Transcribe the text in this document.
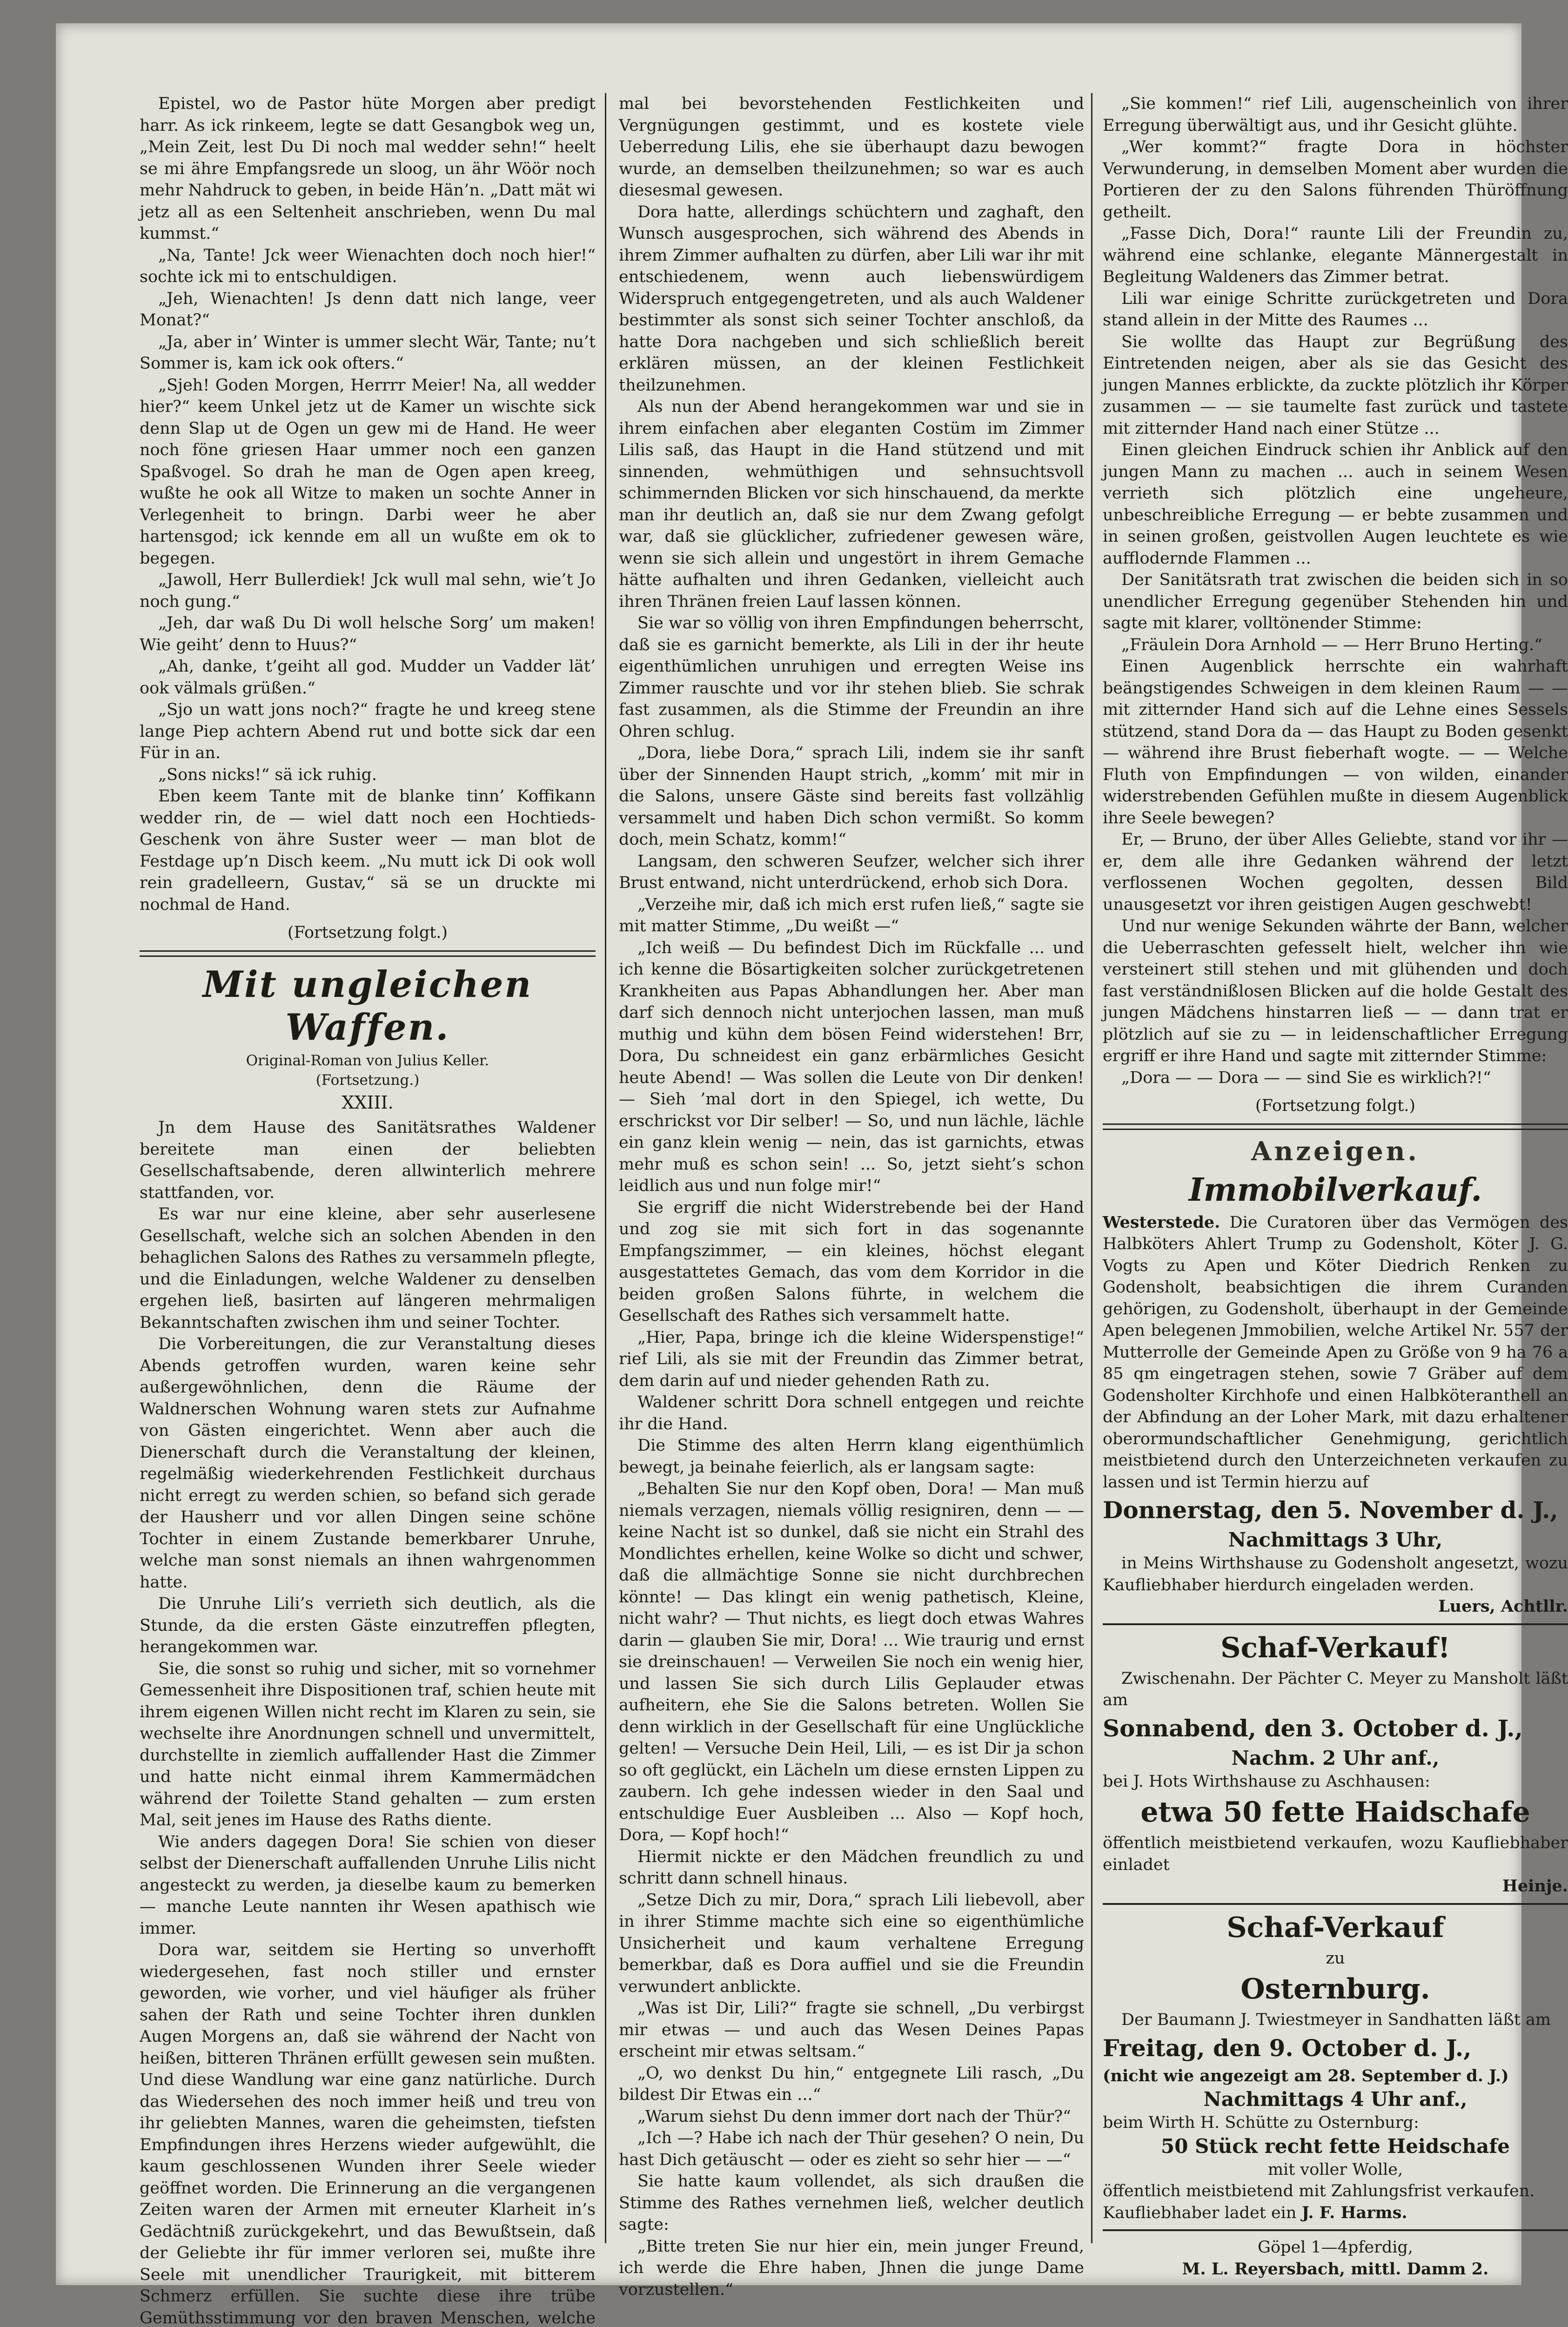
Epistel, wo de Pastor hüte Morgen aber predigt harr. As ick rinkeem, legte se datt Gesangbok weg un, „Mein Zeit, lest Du Di noch mal wedder sehn!“ heelt se mi ähre Empfangsrede un sloog, un ähr Wöör noch mehr Nahdruck to geben, in beide Hän’n. „Datt mät wi jetz all as een Seltenheit anschrieben, wenn Du mal kummst.“

„Na, Tante! Jck weer Wienachten doch noch hier!“ sochte ick mi to entschuldigen.

„Jeh, Wienachten! Js denn datt nich lange, veer Monat?“

„Ja, aber in’ Winter is ummer slecht Wär, Tante; nu’t Sommer is, kam ick ook ofters.“

„Sjeh! Goden Morgen, Herrrr Meier! Na, all wedder hier?“ keem Unkel jetz ut de Kamer un wischte sick denn Slap ut de Ogen un gew mi de Hand. He weer noch föne griesen Haar ummer noch een ganzen Spaßvogel. So drah he man de Ogen apen kreeg, wußte he ook all Witze to maken un sochte Anner in Verlegenheit to bringn. Darbi weer he aber hartensgod; ick kennde em all un wußte em ok to begegen.

„Jawoll, Herr Bullerdiek! Jck wull mal sehn, wie’t Jo noch gung.“

„Jeh, dar waß Du Di woll helsche Sorg’ um maken! Wie geiht’ denn to Huus?“

„Ah, danke, t’geiht all god. Mudder un Vadder lät’ ook välmals grüßen.“

„Sjo un watt jons noch?“ fragte he und kreeg stene lange Piep achtern Abend rut und botte sick dar een Für in an.

„Sons nicks!“ sä ick ruhig.

Eben keem Tante mit de blanke tinn’ Koffikann wedder rin, de — wiel datt noch een Hochtieds-Geschenk von ähre Suster weer — man blot de Festdage up’n Disch keem. „Nu mutt ick Di ook woll rein gradelleern, Gustav,“ sä se un druckte mi nochmal de Hand.

(Fortsetzung folgt.)

Mit ungleichen Waffen.
Original-Roman von Julius Keller.
(Fortsetzung.)
XXIII.

Jn dem Hause des Sanitätsrathes Waldener bereitete man einen der beliebten Gesellschaftsabende, deren allwinterlich mehrere stattfanden, vor.

Es war nur eine kleine, aber sehr auserlesene Gesellschaft, welche sich an solchen Abenden in den behaglichen Salons des Rathes zu versammeln pflegte, und die Einladungen, welche Waldener zu denselben ergehen ließ, basirten auf längeren mehrmaligen Bekanntschaften zwischen ihm und seiner Tochter.

Die Vorbereitungen, die zur Veranstaltung dieses Abends getroffen wurden, waren keine sehr außergewöhnlichen, denn die Räume der Waldnerschen Wohnung waren stets zur Aufnahme von Gästen eingerichtet. Wenn aber auch die Dienerschaft durch die Veranstaltung der kleinen, regelmäßig wiederkehrenden Festlichkeit durchaus nicht erregt zu werden schien, so befand sich gerade der Hausherr und vor allen Dingen seine schöne Tochter in einem Zustande bemerkbarer Unruhe, welche man sonst niemals an ihnen wahrgenommen hatte.

Die Unruhe Lili’s verrieth sich deutlich, als die Stunde, da die ersten Gäste einzutreffen pflegten, herangekommen war.

Sie, die sonst so ruhig und sicher, mit so vornehmer Gemessenheit ihre Dispositionen traf, schien heute mit ihrem eigenen Willen nicht recht im Klaren zu sein, sie wechselte ihre Anordnungen schnell und unvermittelt, durchstellte in ziemlich auffallender Hast die Zimmer und hatte nicht einmal ihrem Kammermädchen während der Toilette Stand gehalten — zum ersten Mal, seit jenes im Hause des Raths diente.

Wie anders dagegen Dora! Sie schien von dieser selbst der Dienerschaft auffallenden Unruhe Lilis nicht angesteckt zu werden, ja dieselbe kaum zu bemerken — manche Leute nannten ihr Wesen apathisch wie immer.

Dora war, seitdem sie Herting so unverhofft wiedergesehen, fast noch stiller und ernster geworden, wie vorher, und viel häufiger als früher sahen der Rath und seine Tochter ihren dunklen Augen Morgens an, daß sie während der Nacht von heißen, bitteren Thränen erfüllt gewesen sein mußten. Und diese Wandlung war eine ganz natürliche. Durch das Wiedersehen des noch immer heiß und treu von ihr geliebten Mannes, waren die geheimsten, tiefsten Empfindungen ihres Herzens wieder aufgewühlt, die kaum geschlossenen Wunden ihrer Seele wieder geöffnet worden. Die Erinnerung an die vergangenen Zeiten waren der Armen mit erneuter Klarheit in’s Gedächtniß zurückgekehrt, und das Bewußtsein, daß der Geliebte ihr für immer verloren sei, mußte ihre Seele mit unendlicher Traurigkeit, mit bitterem Schmerz erfüllen. Sie suchte diese ihre trübe Gemüthsstimmung vor den braven Menschen, welche

mal bei bevorstehenden Festlichkeiten und Vergnügungen gestimmt, und es kostete viele Ueberredung Lilis, ehe sie überhaupt dazu bewogen wurde, an demselben theilzunehmen; so war es auch diesesmal gewesen.

Dora hatte, allerdings schüchtern und zaghaft, den Wunsch ausgesprochen, sich während des Abends in ihrem Zimmer aufhalten zu dürfen, aber Lili war ihr mit entschiedenem, wenn auch liebenswürdigem Widerspruch entgegengetreten, und als auch Waldener bestimmter als sonst sich seiner Tochter anschloß, da hatte Dora nachgeben und sich schließlich bereit erklären müssen, an der kleinen Festlichkeit theilzunehmen.

Als nun der Abend herangekommen war und sie in ihrem einfachen aber eleganten Costüm im Zimmer Lilis saß, das Haupt in die Hand stützend und mit sinnenden, wehmüthigen und sehnsuchtsvoll schimmernden Blicken vor sich hinschauend, da merkte man ihr deutlich an, daß sie nur dem Zwang gefolgt war, daß sie glücklicher, zufriedener gewesen wäre, wenn sie sich allein und ungestört in ihrem Gemache hätte aufhalten und ihren Gedanken, vielleicht auch ihren Thränen freien Lauf lassen können.

Sie war so völlig von ihren Empfindungen beherrscht, daß sie es garnicht bemerkte, als Lili in der ihr heute eigenthümlichen unruhigen und erregten Weise ins Zimmer rauschte und vor ihr stehen blieb. Sie schrak fast zusammen, als die Stimme der Freundin an ihre Ohren schlug.

„Dora, liebe Dora,“ sprach Lili, indem sie ihr sanft über der Sinnenden Haupt strich, „komm’ mit mir in die Salons, unsere Gäste sind bereits fast vollzählig versammelt und haben Dich schon vermißt. So komm doch, mein Schatz, komm!“

Langsam, den schweren Seufzer, welcher sich ihrer Brust entwand, nicht unterdrückend, erhob sich Dora.

„Verzeihe mir, daß ich mich erst rufen ließ,“ sagte sie mit matter Stimme, „Du weißt —“

„Ich weiß — Du befindest Dich im Rückfalle ... und ich kenne die Bösartigkeiten solcher zurückgetretenen Krankheiten aus Papas Abhandlungen her. Aber man darf sich dennoch nicht unterjochen lassen, man muß muthig und kühn dem bösen Feind widerstehen! Brr, Dora, Du schneidest ein ganz erbärmliches Gesicht heute Abend! — Was sollen die Leute von Dir denken! — Sieh ’mal dort in den Spiegel, ich wette, Du erschrickst vor Dir selber! — So, und nun lächle, lächle ein ganz klein wenig — nein, das ist garnichts, etwas mehr muß es schon sein! ... So, jetzt sieht’s schon leidlich aus und nun folge mir!“

Sie ergriff die nicht Widerstrebende bei der Hand und zog sie mit sich fort in das sogenannte Empfangszimmer, — ein kleines, höchst elegant ausgestattetes Gemach, das vom dem Korridor in die beiden großen Salons führte, in welchem die Gesellschaft des Rathes sich versammelt hatte.

„Hier, Papa, bringe ich die kleine Widerspenstige!“ rief Lili, als sie mit der Freundin das Zimmer betrat, dem darin auf und nieder gehenden Rath zu.

Waldener schritt Dora schnell entgegen und reichte ihr die Hand.

Die Stimme des alten Herrn klang eigenthümlich bewegt, ja beinahe feierlich, als er langsam sagte:

„Behalten Sie nur den Kopf oben, Dora! — Man muß niemals verzagen, niemals völlig resigniren, denn — — keine Nacht ist so dunkel, daß sie nicht ein Strahl des Mondlichtes erhellen, keine Wolke so dicht und schwer, daß die allmächtige Sonne sie nicht durchbrechen könnte! — Das klingt ein wenig pathetisch, Kleine, nicht wahr? — Thut nichts, es liegt doch etwas Wahres darin — glauben Sie mir, Dora! ... Wie traurig und ernst sie dreinschauen! — Verweilen Sie noch ein wenig hier, und lassen Sie sich durch Lilis Geplauder etwas aufheitern, ehe Sie die Salons betreten. Wollen Sie denn wirklich in der Gesellschaft für eine Unglückliche gelten! — Versuche Dein Heil, Lili, — es ist Dir ja schon so oft geglückt, ein Lächeln um diese ernsten Lippen zu zaubern. Ich gehe indessen wieder in den Saal und entschuldige Euer Ausbleiben ... Also — Kopf hoch, Dora, — Kopf hoch!“

Hiermit nickte er den Mädchen freundlich zu und schritt dann schnell hinaus.

„Setze Dich zu mir, Dora,“ sprach Lili liebevoll, aber in ihrer Stimme machte sich eine so eigenthümliche Unsicherheit und kaum verhaltene Erregung bemerkbar, daß es Dora auffiel und sie die Freundin verwundert anblickte.

„Was ist Dir, Lili?“ fragte sie schnell, „Du verbirgst mir etwas — und auch das Wesen Deines Papas erscheint mir etwas seltsam.“

„O, wo denkst Du hin,“ entgegnete Lili rasch, „Du bildest Dir Etwas ein ...“

„Warum siehst Du denn immer dort nach der Thür?“

„Ich —? Habe ich nach der Thür gesehen? O nein, Du hast Dich getäuscht — oder es zieht so sehr hier — —“

Sie hatte kaum vollendet, als sich draußen die Stimme des Rathes vernehmen ließ, welcher deutlich sagte:

„Bitte treten Sie nur hier ein, mein junger Freund, ich werde die Ehre haben, Jhnen die junge Dame vorzustellen.“

„Sie kommen!“ rief Lili, augenscheinlich von ihrer Erregung überwältigt aus, und ihr Gesicht glühte.

„Wer kommt?“ fragte Dora in höchster Verwunderung, in demselben Moment aber wurden die Portieren der zu den Salons führenden Thüröffnung getheilt.

„Fasse Dich, Dora!“ raunte Lili der Freundin zu, während eine schlanke, elegante Männergestalt in Begleitung Waldeners das Zimmer betrat.

Lili war einige Schritte zurückgetreten und Dora stand allein in der Mitte des Raumes ...

Sie wollte das Haupt zur Begrüßung des Eintretenden neigen, aber als sie das Gesicht des jungen Mannes erblickte, da zuckte plötzlich ihr Körper zusammen — — sie taumelte fast zurück und tastete mit zitternder Hand nach einer Stütze ...

Einen gleichen Eindruck schien ihr Anblick auf den jungen Mann zu machen ... auch in seinem Wesen verrieth sich plötzlich eine ungeheure, unbeschreibliche Erregung — er bebte zusammen und in seinen großen, geistvollen Augen leuchtete es wie aufflodernde Flammen ...

Der Sanitätsrath trat zwischen die beiden sich in so unendlicher Erregung gegenüber Stehenden hin und sagte mit klarer, volltönender Stimme:

„Fräulein Dora Arnhold — — Herr Bruno Herting.“

Einen Augenblick herrschte ein wahrhaft beängstigendes Schweigen in dem kleinen Raum — — mit zitternder Hand sich auf die Lehne eines Sessels stützend, stand Dora da — das Haupt zu Boden gesenkt — während ihre Brust fieberhaft wogte. — — Welche Fluth von Empfindungen — von wilden, einander widerstrebenden Gefühlen mußte in diesem Augenblick ihre Seele bewegen?

Er, — Bruno, der über Alles Geliebte, stand vor ihr — er, dem alle ihre Gedanken während der letzt verflossenen Wochen gegolten, dessen Bild unausgesetzt vor ihren geistigen Augen geschwebt!

Und nur wenige Sekunden währte der Bann, welcher die Ueberraschten gefesselt hielt, welcher ihn wie versteinert still stehen und mit glühenden und doch fast verständnißlosen Blicken auf die holde Gestalt des jungen Mädchens hinstarren ließ — — dann trat er plötzlich auf sie zu — in leidenschaftlicher Erregung ergriff er ihre Hand und sagte mit zitternder Stimme:

„Dora — — Dora — — sind Sie es wirklich?!“

(Fortsetzung folgt.)

Anzeigen.
Immobilverkauf.

Westerstede. Die Curatoren über das Vermögen des Halbköters Ahlert Trump zu Godensholt, Köter J. G. Vogts zu Apen und Köter Diedrich Renken zu Godensholt, beabsichtigen die ihrem Curanden gehörigen, zu Godensholt, überhaupt in der Gemeinde Apen belegenen Jmmobilien, welche Artikel Nr. 557 der Mutterrolle der Gemeinde Apen zu Größe von 9 ha 76 a 85 qm eingetragen stehen, sowie 7 Gräber auf dem Godensholter Kirchhofe und einen Halbköteranthell an der Abfindung an der Loher Mark, mit dazu erhaltener oberormundschaftlicher Genehmigung, gerichtlich meistbietend durch den Unterzeichneten verkaufen zu lassen und ist Termin hierzu auf

Donnerstag, den 5. November d. J.,
Nachmittags 3 Uhr,

in Meins Wirthshause zu Godensholt angesetzt, wozu Kaufliebhaber hierdurch eingeladen werden.

Luers, Achtllr.

Schaf-Verkauf!

Zwischenahn. Der Pächter C. Meyer zu Mansholt läßt am

Sonnabend, den 3. October d. J.,
Nachm. 2 Uhr anf.,

bei J. Hots Wirthshause zu Aschhausen:

etwa 50 fette Haidschafe

öffentlich meistbietend verkaufen, wozu Kaufliebhaber einladet

Heinje.

Schaf-Verkauf
zu
Osternburg.

Der Baumann J. Twiestmeyer in Sandhatten läßt am

Freitag, den 9. October d. J.,
(nicht wie angezeigt am 28. September d. J.)
Nachmittags 4 Uhr anf.,

beim Wirth H. Schütte zu Osternburg:

50 Stück recht fette Heidschafe
mit voller Wolle,

öffentlich meistbietend mit Zahlungsfrist verkaufen.

Kaufliebhaber ladet ein J. F. Harms.

Göpel 1—4pferdig,
M. L. Reyersbach, mittl. Damm 2.
